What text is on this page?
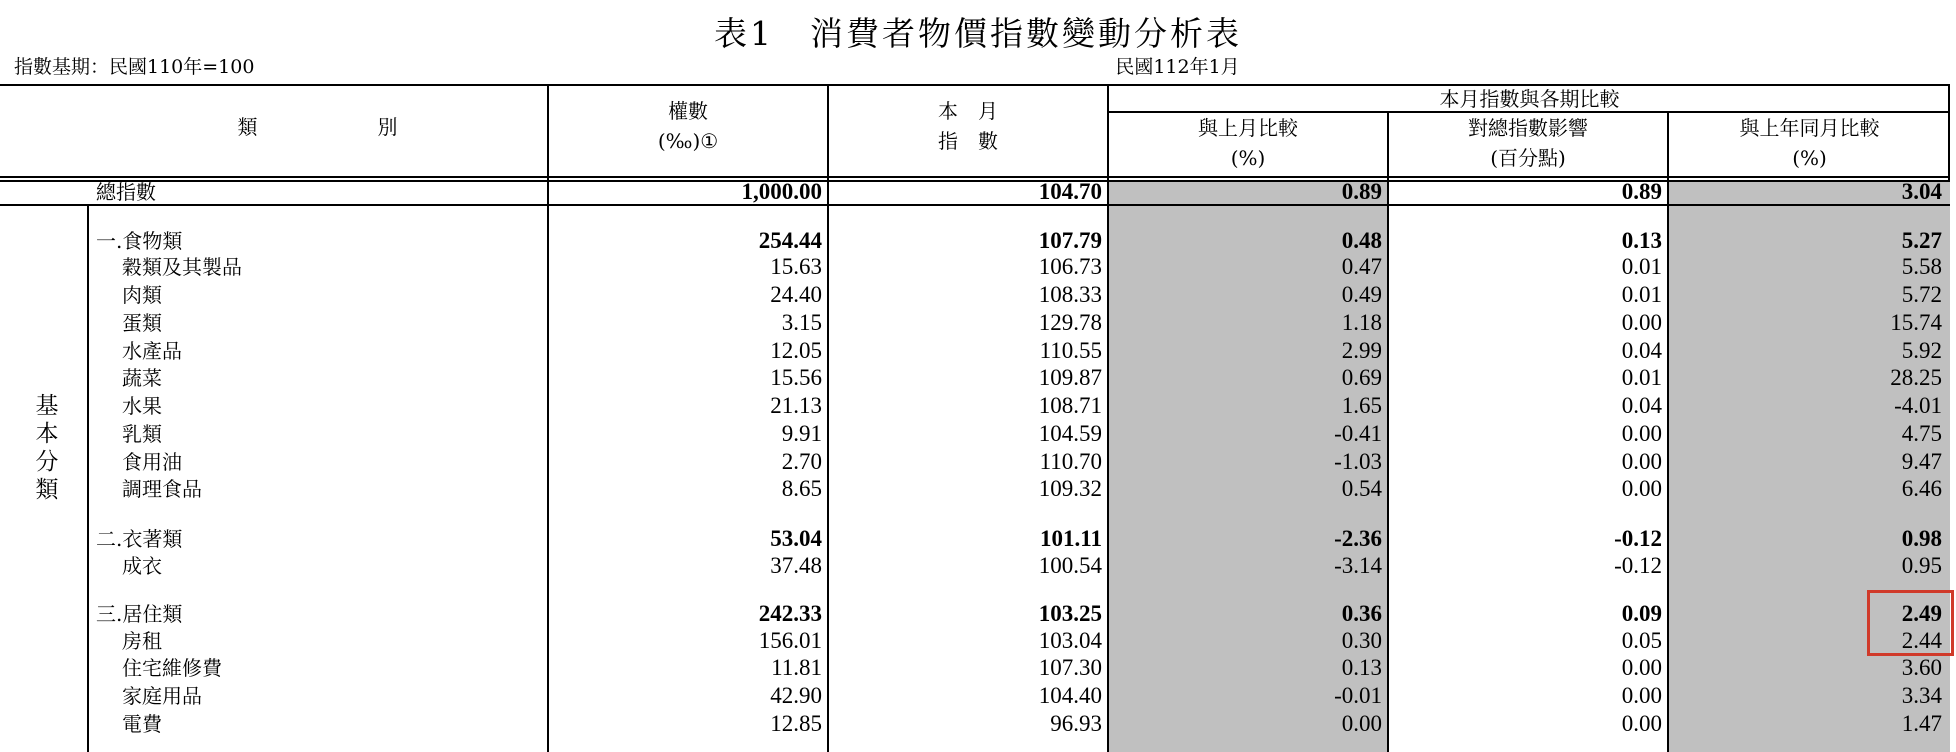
表1　消費者物價指數變動分析表
指數基期：民國110年=100	民國112年1月
類　　　　　　別
權數
(‰)①
本　月
指　數
本月指數與各期比較
與上月比較
(%)
對總指數影響
(百分點)
與上年同月比較
(%)
基本分類
總指數	1,000.00	104.70	0.89	0.89	3.04
一.食物類	254.44	107.79	0.48	0.13	5.27
穀類及其製品	15.63	106.73	0.47	0.01	5.58
肉類	24.40	108.33	0.49	0.01	5.72
蛋類	3.15	129.78	1.18	0.00	15.74
水產品	12.05	110.55	2.99	0.04	5.92
蔬菜	15.56	109.87	0.69	0.01	28.25
水果	21.13	108.71	1.65	0.04	-4.01
乳類	9.91	104.59	-0.41	0.00	4.75
食用油	2.70	110.70	-1.03	0.00	9.47
調理食品	8.65	109.32	0.54	0.00	6.46
二.衣著類	53.04	101.11	-2.36	-0.12	0.98
成衣	37.48	100.54	-3.14	-0.12	0.95
三.居住類	242.33	103.25	0.36	0.09	2.49
房租	156.01	103.04	0.30	0.05	2.44
住宅維修費	11.81	107.30	0.13	0.00	3.60
家庭用品	42.90	104.40	-0.01	0.00	3.34
電費	12.85	96.93	0.00	0.00	1.47
